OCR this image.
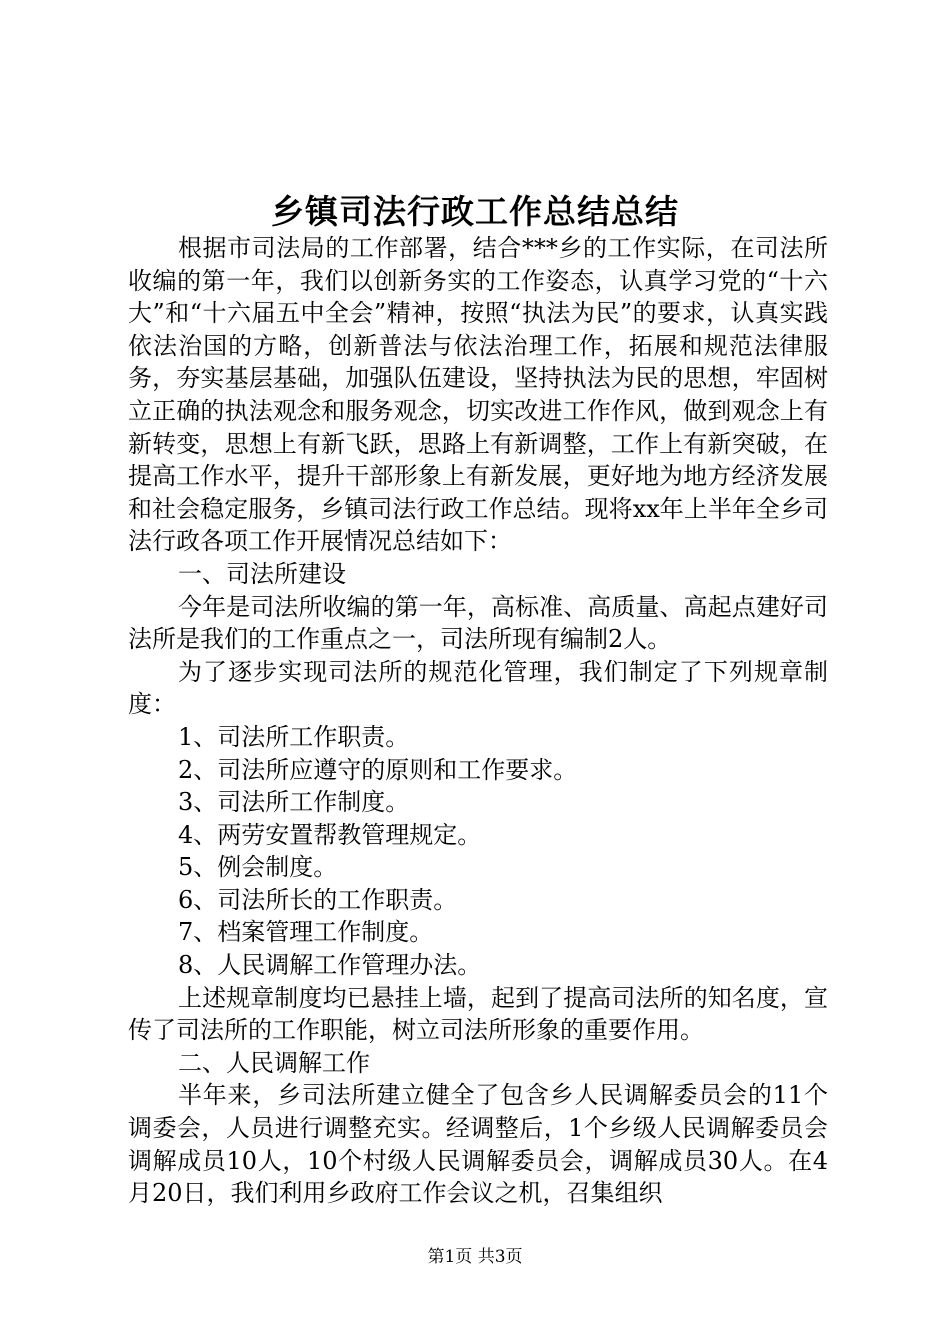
乡镇司法行政工作总结总结

根据市司法局的工作部署，结合***乡的工作实际，在司法所收编的第一年，我们以创新务实的工作姿态，认真学习党的“十六大”和“十六届五中全会”精神，按照“执法为民”的要求，认真实践依法治国的方略，创新普法与依法治理工作，拓展和规范法律服务，夯实基层基础，加强队伍建设，坚持执法为民的思想，牢固树立正确的执法观念和服务观念，切实改进工作作风，做到观念上有新转变，思想上有新飞跃，思路上有新调整，工作上有新突破，在提高工作水平，提升干部形象上有新发展，更好地为地方经济发展和社会稳定服务，乡镇司法行政工作总结。现将xx年上半年全乡司法行政各项工作开展情况总结如下：

一、司法所建设

今年是司法所收编的第一年，高标准、高质量、高起点建好司法所是我们的工作重点之一，司法所现有编制2人。

为了逐步实现司法所的规范化管理，我们制定了下列规章制度：

1、司法所工作职责。

2、司法所应遵守的原则和工作要求。

3、司法所工作制度。

4、两劳安置帮教管理规定。

5、例会制度。

6、司法所长的工作职责。

7、档案管理工作制度。

8、人民调解工作管理办法。

上述规章制度均已悬挂上墙，起到了提高司法所的知名度，宣传了司法所的工作职能，树立司法所形象的重要作用。

二、人民调解工作

半年来，乡司法所建立健全了包含乡人民调解委员会的11个调委会，人员进行调整充实。经调整后，1个乡级人民调解委员会调解成员10人，10个村级人民调解委员会，调解成员30人。在4月20日，我们利用乡政府工作会议之机，召集组织

第1页 共3页
